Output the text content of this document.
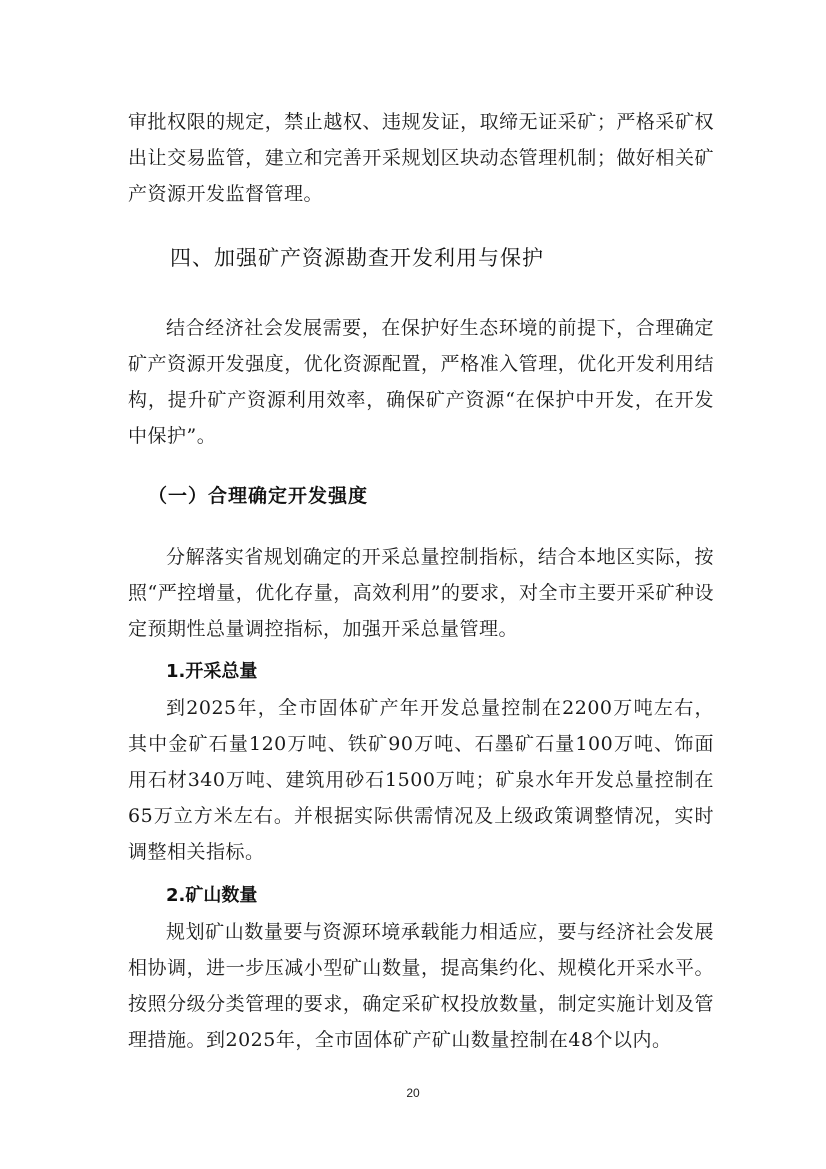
审批权限的规定，禁止越权、违规发证，取缔无证采矿；严格采矿权出让交易监管，建立和完善开采规划区块动态管理机制；做好相关矿产资源开发监督管理。

四、加强矿产资源勘查开发利用与保护

结合经济社会发展需要，在保护好生态环境的前提下，合理确定矿产资源开发强度，优化资源配置，严格准入管理，优化开发利用结构，提升矿产资源利用效率，确保矿产资源“在保护中开发，在开发中保护”。

（一）合理确定开发强度

分解落实省规划确定的开采总量控制指标，结合本地区实际，按照“严控增量，优化存量，高效利用”的要求，对全市主要开采矿种设定预期性总量调控指标，加强开采总量管理。

1.开采总量

到2025年，全市固体矿产年开发总量控制在2200万吨左右，其中金矿石量120万吨、铁矿90万吨、石墨矿石量100万吨、饰面用石材340万吨、建筑用砂石1500万吨；矿泉水年开发总量控制在65万立方米左右。并根据实际供需情况及上级政策调整情况，实时调整相关指标。

2.矿山数量

规划矿山数量要与资源环境承载能力相适应，要与经济社会发展相协调，进一步压减小型矿山数量，提高集约化、规模化开采水平。按照分级分类管理的要求，确定采矿权投放数量，制定实施计划及管理措施。到2025年，全市固体矿产矿山数量控制在48个以内。

20
